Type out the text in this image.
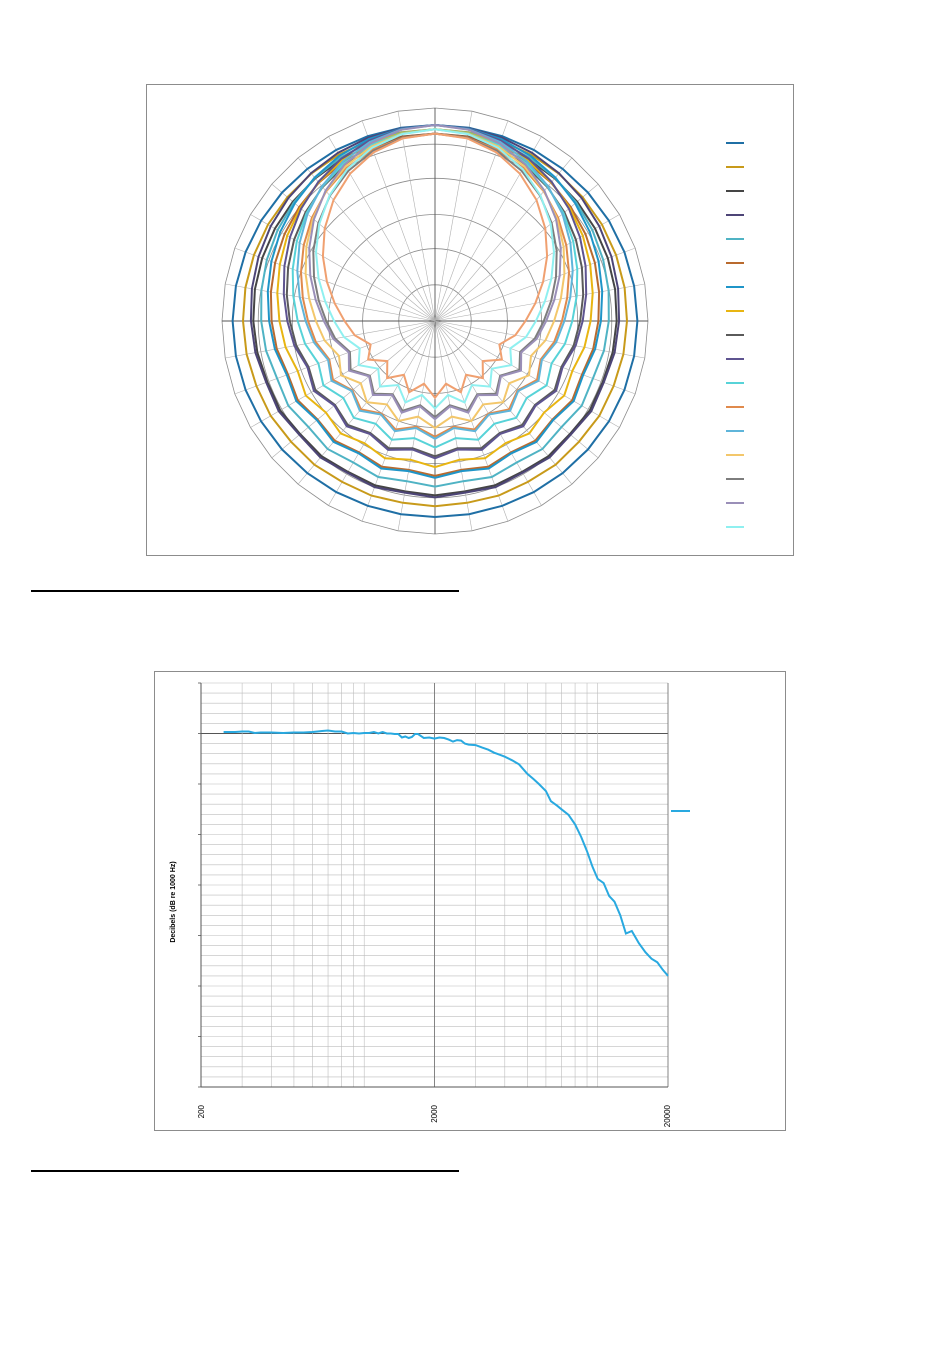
Decibels (dB re 1000 Hz)
200	2000	20000
